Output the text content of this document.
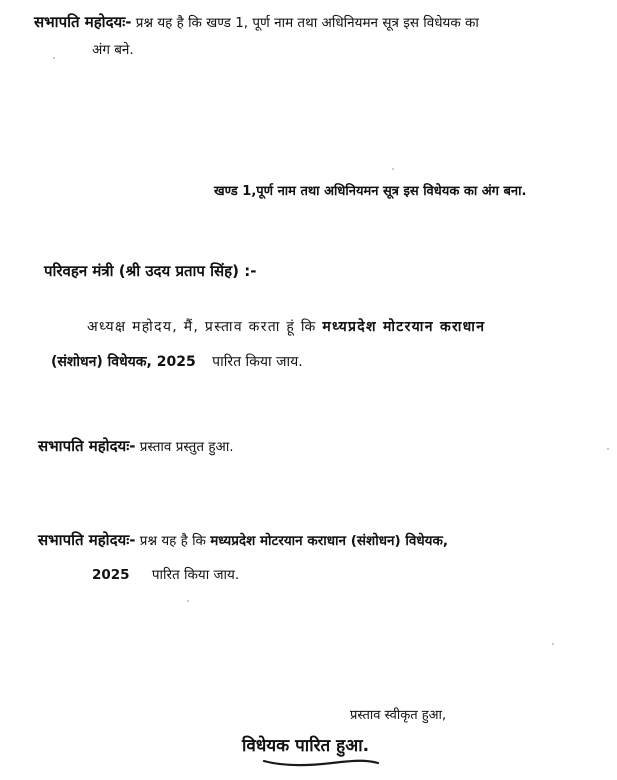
सभापति महोदयः- प्रश्न यह है कि खण्ड 1, पूर्ण नाम तथा अधिनियमन सूत्र इस विधेयक का
अंग बने.
खण्ड 1,पूर्ण नाम तथा अधिनियमन सूत्र इस विधेयक का अंग बना.
परिवहन मंत्री (श्री उदय प्रताप सिंह) :-
अध्यक्ष महोदय, मैं, प्रस्ताव करता हूं कि मध्यप्रदेश मोटरयान कराधान
(संशोधन) विधेयक, 2025 पारित किया जाय.
सभापति महोदयः- प्रस्ताव प्रस्तुत हुआ.
सभापति महोदयः- प्रश्न यह है कि मध्यप्रदेश मोटरयान कराधान (संशोधन) विधेयक,
2025 पारित किया जाय.
प्रस्ताव स्वीकृत हुआ,
विधेयक पारित हुआ.
